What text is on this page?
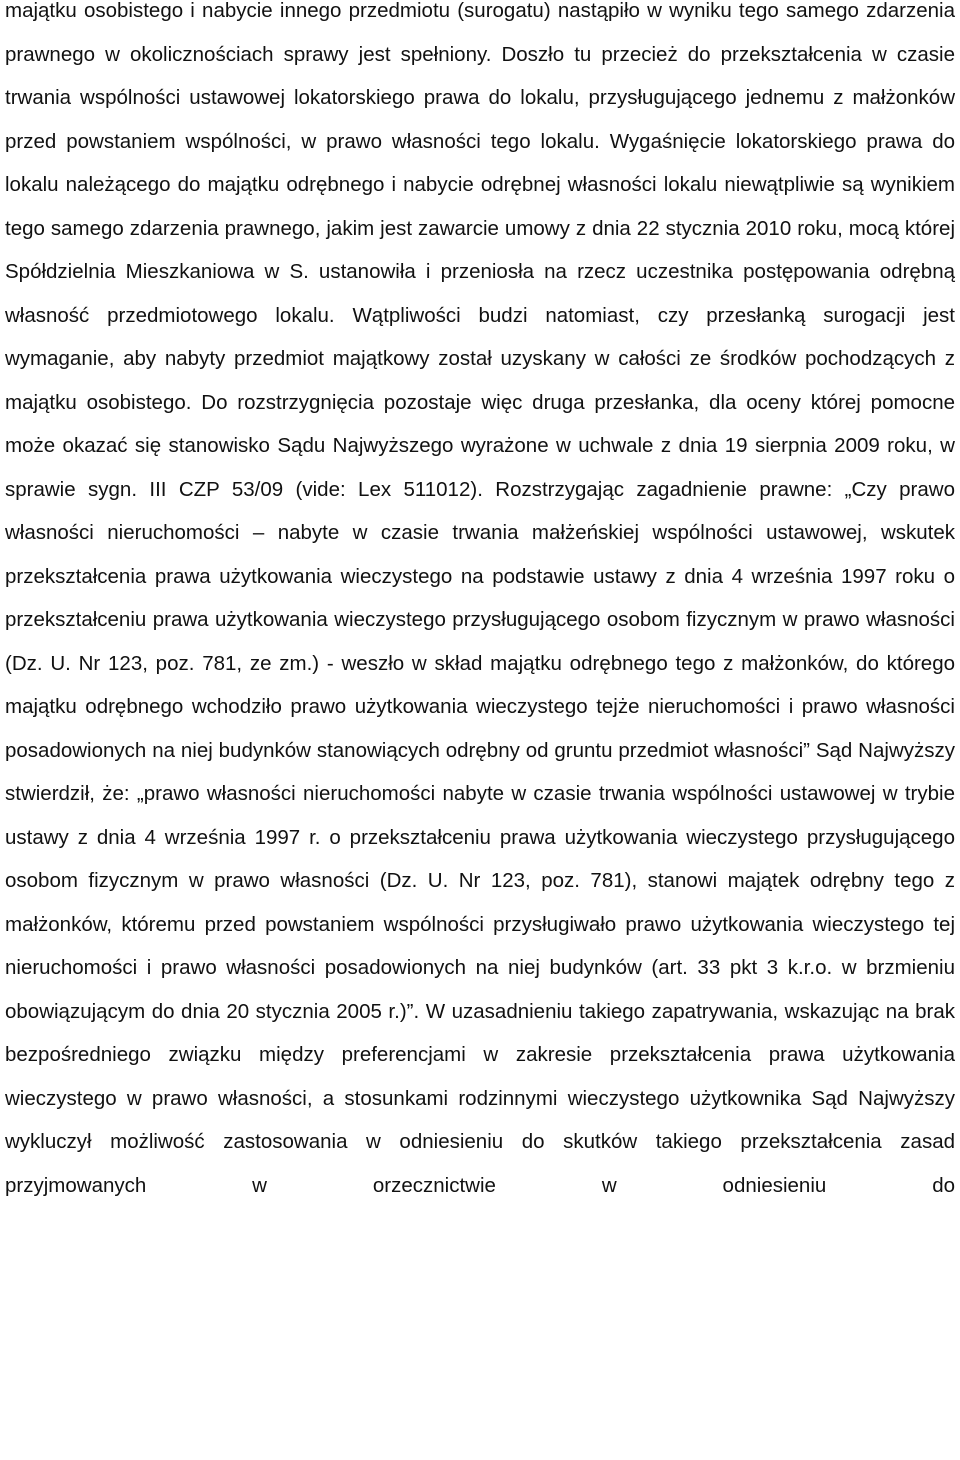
majątku osobistego i nabycie innego przedmiotu (surogatu) nastąpiło w wyniku tego samego zdarzenia prawnego w okolicznościach sprawy jest spełniony. Doszło tu przecież do przekształcenia w czasie trwania wspólności ustawowej lokatorskiego prawa do lokalu, przysługującego jednemu z małżonków przed powstaniem wspólności, w prawo własności tego lokalu. Wygaśnięcie lokatorskiego prawa do lokalu należącego do majątku odrębnego i nabycie odrębnej własności lokalu niewątpliwie są wynikiem tego samego zdarzenia prawnego, jakim jest zawarcie umowy z dnia 22 stycznia 2010 roku, mocą której Spółdzielnia Mieszkaniowa w S. ustanowiła i przeniosła na rzecz uczestnika postępowania odrębną własność przedmiotowego lokalu. Wątpliwości budzi natomiast, czy przesłanką surogacji jest wymaganie, aby nabyty przedmiot majątkowy został uzyskany w całości ze środków pochodzących z majątku osobistego. Do rozstrzygnięcia pozostaje więc druga przesłanka, dla oceny której pomocne może okazać się stanowisko Sądu Najwyższego wyrażone w uchwale z dnia 19 sierpnia 2009 roku, w sprawie sygn. III CZP 53/09 (vide: Lex 511012). Rozstrzygając zagadnienie prawne: „Czy prawo własności nieruchomości – nabyte w czasie trwania małżeńskiej wspólności ustawowej, wskutek przekształcenia prawa użytkowania wieczystego na podstawie ustawy z dnia 4 września 1997 roku o przekształceniu prawa użytkowania wieczystego przysługującego osobom fizycznym w prawo własności (Dz. U. Nr 123, poz. 781, ze zm.) - weszło w skład majątku odrębnego tego z małżonków, do którego majątku odrębnego wchodziło prawo użytkowania wieczystego tejże nieruchomości i prawo własności posadowionych na niej budynków stanowiących odrębny od gruntu przedmiot własności” Sąd Najwyższy stwierdził, że: „prawo własności nieruchomości nabyte w czasie trwania wspólności ustawowej w trybie ustawy z dnia 4 września 1997 r. o przekształceniu prawa użytkowania wieczystego przysługującego osobom fizycznym w prawo własności (Dz. U. Nr 123, poz. 781), stanowi majątek odrębny tego z małżonków, któremu przed powstaniem wspólności przysługiwało prawo użytkowania wieczystego tej nieruchomości i prawo własności posadowionych na niej budynków (art. 33 pkt 3 k.r.o. w brzmieniu obowiązującym do dnia 20 stycznia 2005 r.)”. W uzasadnieniu takiego zapatrywania, wskazując na brak bezpośredniego związku między preferencjami w zakresie przekształcenia prawa użytkowania wieczystego w prawo własności, a stosunkami rodzinnymi wieczystego użytkownika Sąd Najwyższy wykluczył możliwość zastosowania w odniesieniu do skutków takiego przekształcenia zasad przyjmowanych w orzecznictwie w odniesieniu do
